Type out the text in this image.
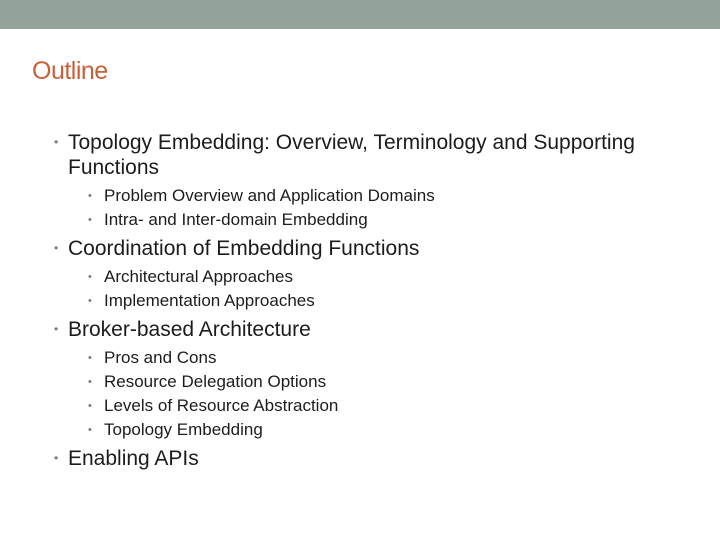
Outline
• Topology Embedding: Overview, Terminology and Supporting Functions
• Problem Overview and Application Domains
• Intra- and Inter-domain Embedding
• Coordination of Embedding Functions
• Architectural Approaches
• Implementation Approaches
• Broker-based Architecture
• Pros and Cons
• Resource Delegation Options
• Levels of Resource Abstraction
• Topology Embedding
• Enabling APIs
